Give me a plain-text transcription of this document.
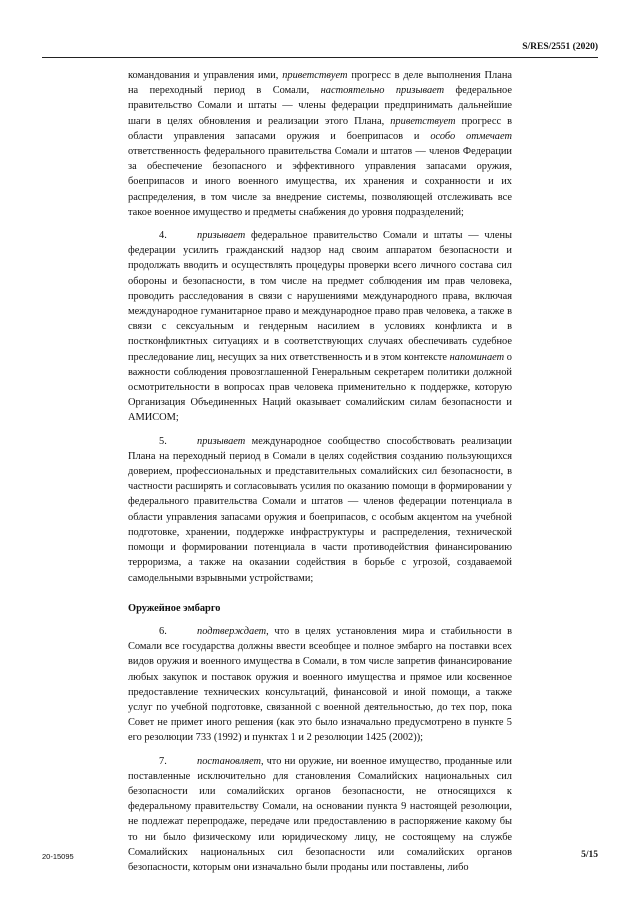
S/RES/2551 (2020)

командования и управления ими, приветствует прогресс в деле выполнения Плана на переходный период в Сомали, настоятельно призывает федеральное правительство Сомали и штаты — члены федерации предпринимать дальнейшие шаги в целях обновления и реализации этого Плана, приветствует прогресс в области управления запасами оружия и боеприпасов и особо отмечает ответственность федерального правительства Сомали и штатов — членов Федерации за обеспечение безопасного и эффективного управления запасами оружия, боеприпасов и иного военного имущества, их хранения и сохранности и их распределения, в том числе за внедрение системы, позволяющей отслеживать все такое военное имущество и предметы снабжения до уровня подразделений;

4.	призывает федеральное правительство Сомали и штаты — члены федерации усилить гражданский надзор над своим аппаратом безопасности и продолжать вводить и осуществлять процедуры проверки всего личного состава сил обороны и безопасности, в том числе на предмет соблюдения им прав человека, проводить расследования в связи с нарушениями международного права, включая международное гуманитарное право и международное право прав человека, а также в связи с сексуальным и гендерным насилием в условиях конфликта и в постконфликтных ситуациях и в соответствующих случаях обеспечивать судебное преследование лиц, несущих за них ответственность и в этом контексте напоминает о важности соблюдения провозглашенной Генеральным секретарем политики должной осмотрительности в вопросах прав человека применительно к поддержке, которую Организация Объединенных Наций оказывает сомалийским силам безопасности и АМИСОМ;

5.	призывает международное сообщество способствовать реализации Плана на переходный период в Сомали в целях содействия созданию пользующихся доверием, профессиональных и представительных сомалийских сил безопасности, в частности расширять и согласовывать усилия по оказанию помощи в формировании у федерального правительства Сомали и штатов — членов федерации потенциала в области управления запасами оружия и боеприпасов, с особым акцентом на учебной подготовке, хранении, поддержке инфраструктуры и распределения, технической помощи и формировании потенциала в части противодействия финансированию терроризма, а также на оказании содействия в борьбе с угрозой, создаваемой самодельными взрывными устройствами;

Оружейное эмбарго

6.	подтверждает, что в целях установления мира и стабильности в Сомали все государства должны ввести всеобщее и полное эмбарго на поставки всех видов оружия и военного имущества в Сомали, в том числе запретив финансирование любых закупок и поставок оружия и военного имущества и прямое или косвенное предоставление технических консультаций, финансовой и иной помощи, а также услуг по учебной подготовке, связанной с военной деятельностью, до тех пор, пока Совет не примет иного решения (как это было изначально предусмотрено в пункте 5 его резолюции 733 (1992) и пунктах 1 и 2 резолюции 1425 (2002));

7.	постановляет, что ни оружие, ни военное имущество, проданные или поставленные исключительно для становления Сомалийских национальных сил безопасности или сомалийских органов безопасности, не относящихся к федеральному правительству Сомали, на основании пункта 9 настоящей резолюции, не подлежат перепродаже, передаче или предоставлению в распоряжение какому бы то ни было физическому или юридическому лицу, не состоящему на службе Сомалийских национальных сил безопасности или сомалийских органов безопасности, которым они изначально были проданы или поставлены, либо

20-15095	5/15
